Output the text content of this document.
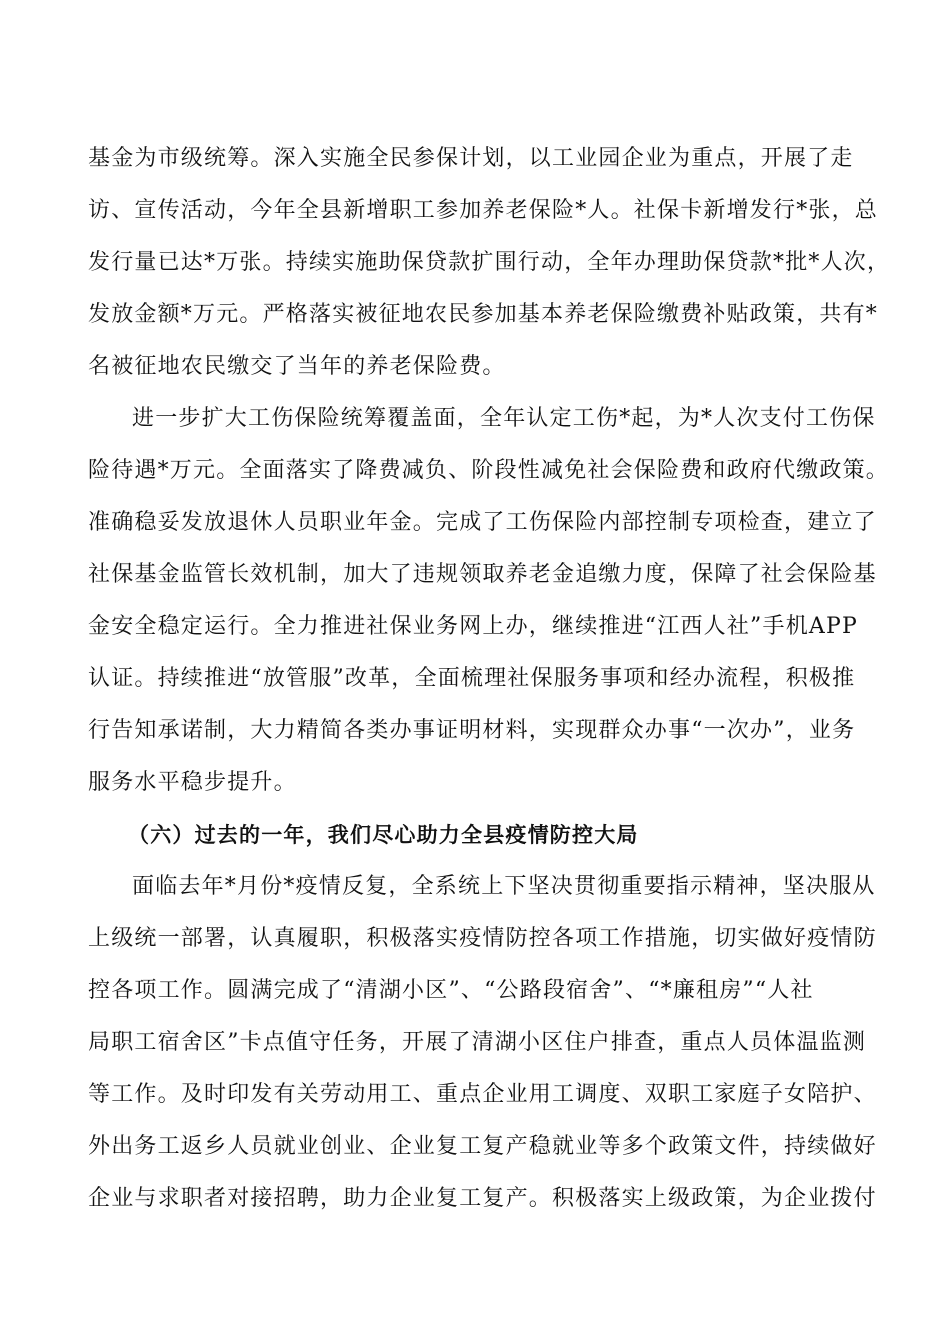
基金为市级统筹。深入实施全民参保计划，以工业园企业为重点，开展了走
访、宣传活动，今年全县新增职工参加养老保险*人。社保卡新增发行*张，总
发行量已达*万张。持续实施助保贷款扩围行动，全年办理助保贷款*批*人次，
发放金额*万元。严格落实被征地农民参加基本养老保险缴费补贴政策，共有*
名被征地农民缴交了当年的养老保险费。
进一步扩大工伤保险统筹覆盖面，全年认定工伤*起，为*人次支付工伤保
险待遇*万元。全面落实了降费减负、阶段性减免社会保险费和政府代缴政策。
准确稳妥发放退休人员职业年金。完成了工伤保险内部控制专项检查，建立了
社保基金监管长效机制，加大了违规领取养老金追缴力度，保障了社会保险基
金安全稳定运行。全力推进社保业务网上办，继续推进“江西人社”手机APP
认证。持续推进“放管服”改革，全面梳理社保服务事项和经办流程，积极推
行告知承诺制，大力精简各类办事证明材料，实现群众办事“一次办”，业务
服务水平稳步提升。
（六）过去的一年，我们尽心助力全县疫情防控大局
面临去年*月份*疫情反复，全系统上下坚决贯彻重要指示精神，坚决服从
上级统一部署，认真履职，积极落实疫情防控各项工作措施，切实做好疫情防
控各项工作。圆满完成了“清湖小区”、“公路段宿舍”、“*廉租房”“人社
局职工宿舍区”卡点值守任务，开展了清湖小区住户排查，重点人员体温监测
等工作。及时印发有关劳动用工、重点企业用工调度、双职工家庭子女陪护、
外出务工返乡人员就业创业、企业复工复产稳就业等多个政策文件，持续做好
企业与求职者对接招聘，助力企业复工复产。积极落实上级政策，为企业拨付
